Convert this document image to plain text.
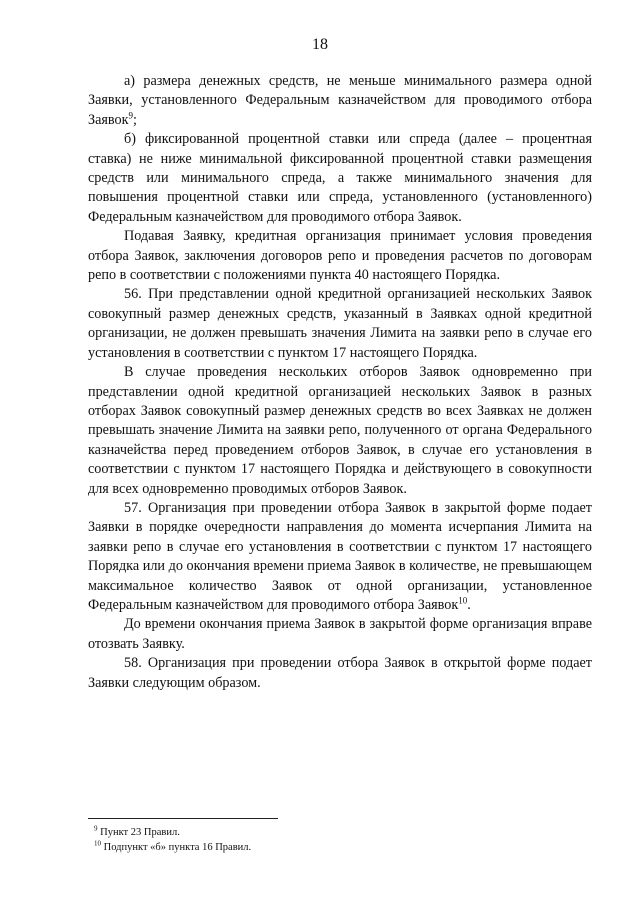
18

а) размера денежных средств, не меньше минимального размера одной Заявки, установленного Федеральным казначейством для проводимого отбора Заявок$^9$;

б) фиксированной процентной ставки или спреда (далее – процентная ставка) не ниже минимальной фиксированной процентной ставки размещения средств или минимального спреда, а также минимального значения для повышения процентной ставки или спреда, установленного (установленного) Федеральным казначейством для проводимого отбора Заявок.

Подавая Заявку, кредитная организация принимает условия проведения отбора Заявок, заключения договоров репо и проведения расчетов по договорам репо в соответствии с положениями пункта 40 настоящего Порядка.

56. При представлении одной кредитной организацией нескольких Заявок совокупный размер денежных средств, указанный в Заявках одной кредитной организации, не должен превышать значения Лимита на заявки репо в случае его установления в соответствии с пунктом 17 настоящего Порядка.

В случае проведения нескольких отборов Заявок одновременно при представлении одной кредитной организацией нескольких Заявок в разных отборах Заявок совокупный размер денежных средств во всех Заявках не должен превышать значение Лимита на заявки репо, полученного от органа Федерального казначейства перед проведением отборов Заявок, в случае его установления в соответствии с пунктом 17 настоящего Порядка и действующего в совокупности для всех одновременно проводимых отборов Заявок.

57. Организация при проведении отбора Заявок в закрытой форме подает Заявки в порядке очередности направления до момента исчерпания Лимита на заявки репо в случае его установления в соответствии с пунктом 17 настоящего Порядка или до окончания времени приема Заявок в количестве, не превышающем максимальное количество Заявок от одной организации, установленное Федеральным казначейством для проводимого отбора Заявок$^{10}$.

До времени окончания приема Заявок в закрытой форме организация вправе отозвать Заявку.

58. Организация при проведении отбора Заявок в открытой форме подает Заявки следующим образом.

$^9$ Пункт 23 Правил.

$^{10}$ Подпункт «б» пункта 16 Правил.
